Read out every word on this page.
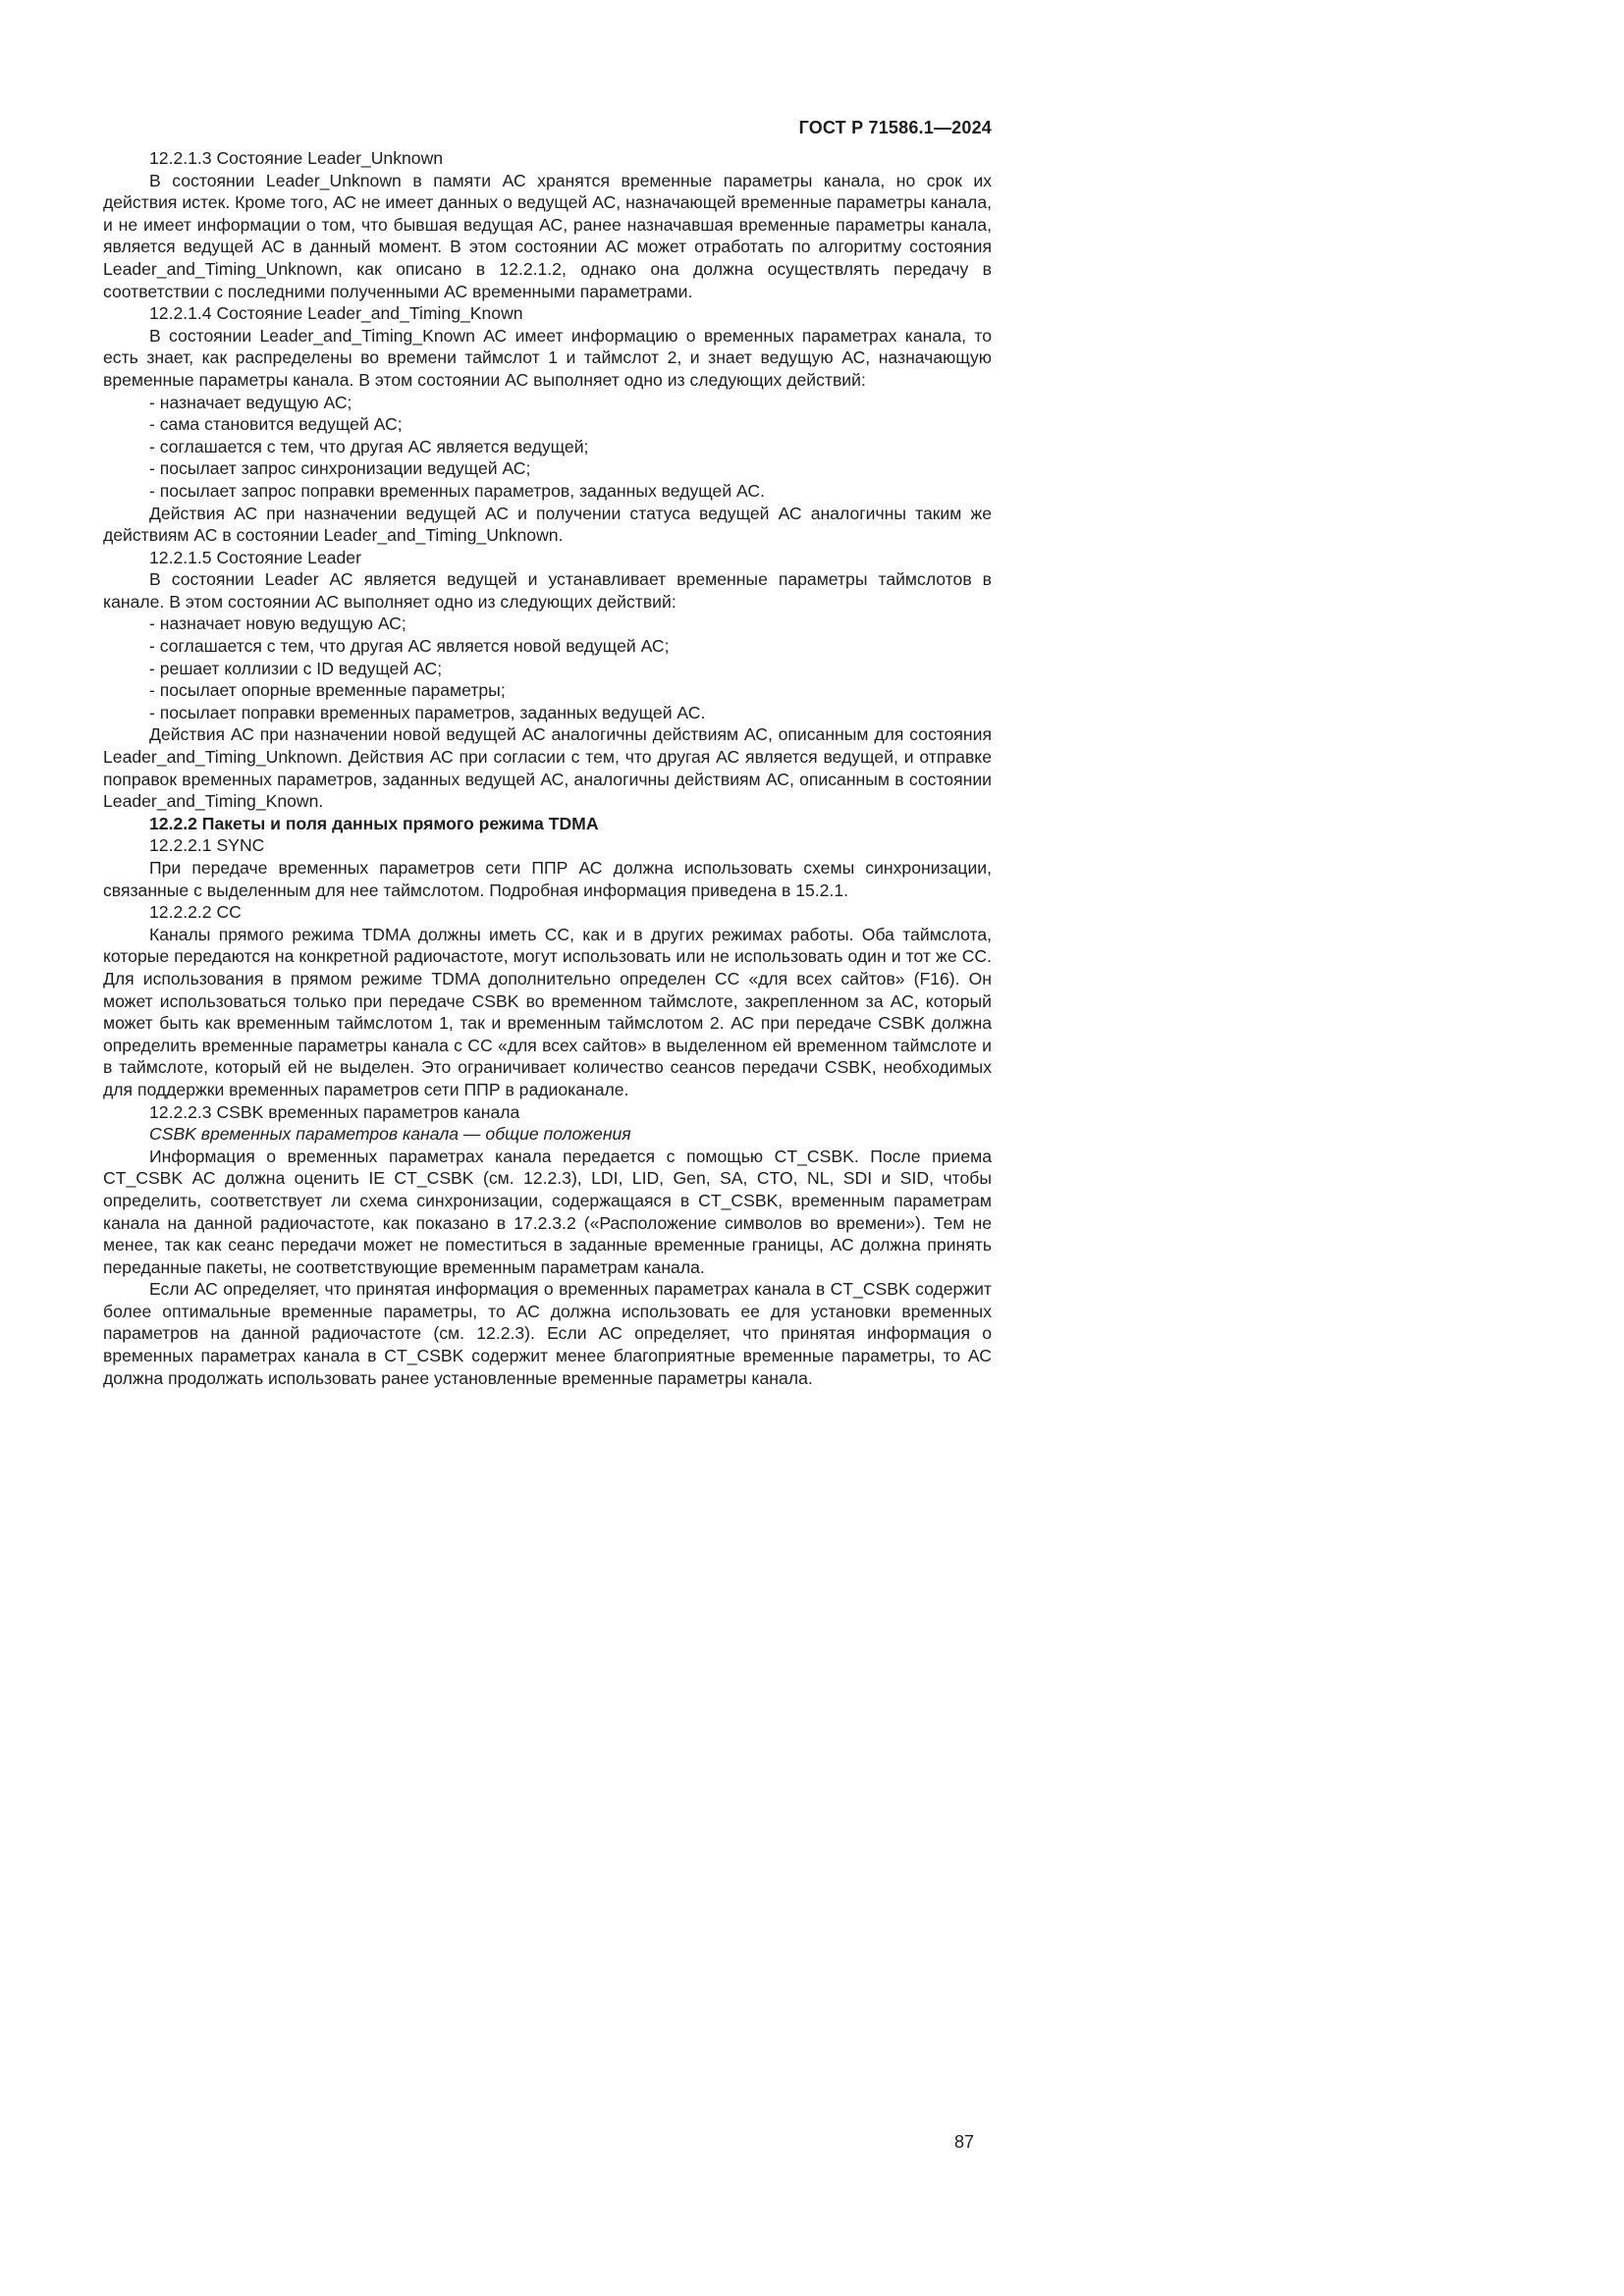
ГОСТ Р 71586.1—2024

12.2.1.3 Состояние Leader_Unknown

В состоянии Leader_Unknown в памяти АС хранятся временные параметры канала, но срок их действия истек. Кроме того, АС не имеет данных о ведущей АС, назначающей временные параметры канала, и не имеет информации о том, что бывшая ведущая АС, ранее назначавшая временные параметры канала, является ведущей АС в данный момент. В этом состоянии АС может отработать по алгоритму состояния Leader_and_Timing_Unknown, как описано в 12.2.1.2, однако она должна осуществлять передачу в соответствии с последними полученными АС временными параметрами.

12.2.1.4 Состояние Leader_and_Timing_Known

В состоянии Leader_and_Timing_Known АС имеет информацию о временных параметрах канала, то есть знает, как распределены во времени таймслот 1 и таймслот 2, и знает ведущую АС, назначающую временные параметры канала. В этом состоянии АС выполняет одно из следующих действий:

- назначает ведущую АС;

- сама становится ведущей АС;

- соглашается с тем, что другая АС является ведущей;

- посылает запрос синхронизации ведущей АС;

- посылает запрос поправки временных параметров, заданных ведущей АС.

Действия АС при назначении ведущей АС и получении статуса ведущей АС аналогичны таким же действиям АС в состоянии Leader_and_Timing_Unknown.

12.2.1.5 Состояние Leader

В состоянии Leader АС является ведущей и устанавливает временные параметры таймслотов в канале. В этом состоянии АС выполняет одно из следующих действий:

- назначает новую ведущую АС;

- соглашается с тем, что другая АС является новой ведущей АС;

- решает коллизии с ID ведущей АС;

- посылает опорные временные параметры;

- посылает поправки временных параметров, заданных ведущей АС.

Действия АС при назначении новой ведущей АС аналогичны действиям АС, описанным для состояния Leader_and_Timing_Unknown. Действия АС при согласии с тем, что другая АС является ведущей, и отправке поправок временных параметров, заданных ведущей АС, аналогичны действиям АС, описанным в состоянии Leader_and_Timing_Known.

12.2.2 Пакеты и поля данных прямого режима TDMA

12.2.2.1 SYNC

При передаче временных параметров сети ППР АС должна использовать схемы синхронизации, связанные с выделенным для нее таймслотом. Подробная информация приведена в 15.2.1.

12.2.2.2 СС

Каналы прямого режима TDMA должны иметь СС, как и в других режимах работы. Оба таймслота, которые передаются на конкретной радиочастоте, могут использовать или не использовать один и тот же СС. Для использования в прямом режиме TDMA дополнительно определен СС «для всех сайтов» (F16). Он может использоваться только при передаче CSBK во временном таймслоте, закрепленном за АС, который может быть как временным таймслотом 1, так и временным таймслотом 2. АС при передаче CSBK должна определить временные параметры канала с СС «для всех сайтов» в выделенном ей временном таймслоте и в таймслоте, который ей не выделен. Это ограничивает количество сеансов передачи CSBK, необходимых для поддержки временных параметров сети ППР в радиоканале.

12.2.2.3 CSBK временных параметров канала

CSBK временных параметров канала — общие положения

Информация о временных параметрах канала передается с помощью CT_CSBK. После приема CT_CSBK АС должна оценить IE CT_CSBK (см. 12.2.3), LDI, LID, Gen, SA, CTO, NL, SDI и SID, чтобы определить, соответствует ли схема синхронизации, содержащаяся в CT_CSBK, временным параметрам канала на данной радиочастоте, как показано в 17.2.3.2 («Расположение символов во времени»). Тем не менее, так как сеанс передачи может не поместиться в заданные временные границы, АС должна принять переданные пакеты, не соответствующие временным параметрам канала.

Если АС определяет, что принятая информация о временных параметрах канала в CT_CSBK содержит более оптимальные временные параметры, то АС должна использовать ее для установки временных параметров на данной радиочастоте (см. 12.2.3). Если АС определяет, что принятая информация о временных параметрах канала в CT_CSBK содержит менее благоприятные временные параметры, то АС должна продолжать использовать ранее установленные временные параметры канала.

87
